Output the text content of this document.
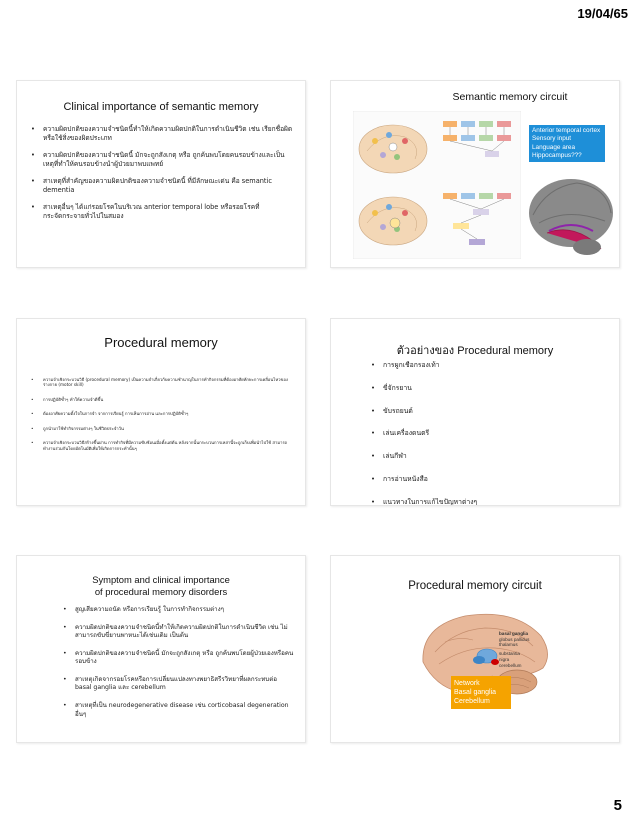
19/04/65
Clinical importance of semantic memory
• ความผิดปกติของความจำชนิดนี้ทำให้เกิดความผิดปกติในการดำเนินชีวิต เช่น เรียกชื่อผิด หรือใช้สิ่งของผิดประเภท
• ความผิดปกติของความจำชนิดนี้ มักจะถูกสังเกตุ หรือ ถูกค้นพบโดยคนรอบข้างและเป็นเหตุที่ทำให้คนรอบข้างนำผู้ป่วยมาพบแพทย์
• สาเหตุที่สำคัญของความผิดปกติของความจำชนิดนี้ ที่มีลักษณะเด่น คือ semantic dementia
• สาเหตุอื่นๆ ได้แก่รอยโรคในบริเวณ anterior temporal lobe หรือรอยโรคที่กระจัดกระจายทั่วไปในสมอง
Semantic memory circuit
Anterior temporal cortex
Sensory input
Language area
Hippocampus???
Procedural memory
• ความจำเชิงกระบวนวิธี (procedural memory) เป็นความจำเกี่ยวกับความชำนาญในการทำกิจกรรมที่ต้องอาศัยทักษะการเคลื่อนไหวของร่างกาย (motor skill)
• การปฏิบัติซ้ำๆ ทำให้ความจำดีขึ้น
• ต้องอาศัยความตั้งใจในการจำ จากการเรียนรู้ การเห็นการอ่าน และการปฏิบัติซ้ำๆ
• ถูกนำมาใช้ทำกิจกรรมต่างๆ ในชีวิตประจำวัน
• ความจำเชิงกระบวนวิธีสร้างขึ้นผ่าน การทำกิจที่มีความซับซ้อนเมื่อตั้งแต่ต้น หลังจากนั้นกระบวนการเหล่านี้จะถูกเก็บเพื่อนำไปใช้ สามารถทำงานร่วมกันโดยอัตโนมัติเพื่อให้เกิดการกระทำนั้นๆ
ตัวอย่างของ Procedural memory
• การผูกเชือกรองเท้า
• ขี่จักรยาน
• ขับรถยนต์
• เล่นเครื่องดนตรี
• เล่นกีฬา
• การอ่านหนังสือ
• แนวทางในการแก้ไขปัญหาต่างๆ
Symptom and clinical importance
of procedural memory disorders
• สูญเสียความถนัด หรือการเรียนรู้ ในการทำกิจกรรมต่างๆ
• ความผิดปกติของความจำชนิดนี้ทำให้เกิดความผิดปกติในการดำเนินชีวิต เช่น ไม่สามารถขับขี่ยานพาหนะได้เช่นเดิม เป็นต้น
• ความผิดปกติของความจำชนิดนี้ มักจะถูกสังเกตุ หรือ ถูกค้นพบโดยผู้ป่วยเองหรือคนรอบข้าง
• สาเหตุเกิดจากรอยโรคหรือการเปลี่ยนแปลงทางพยาธิสรีรวิทยาที่ผลกระทบต่อ basal ganglia และ cerebellum
• สาเหตุที่เป็น neurodegenerative disease เช่น corticobasal degeneration อื่นๆ
Procedural memory circuit
basal ganglia
globus pallidus
thalamus
substantia
nigra
cerebellum
Network
Basal ganglia
Cerebellum
5
